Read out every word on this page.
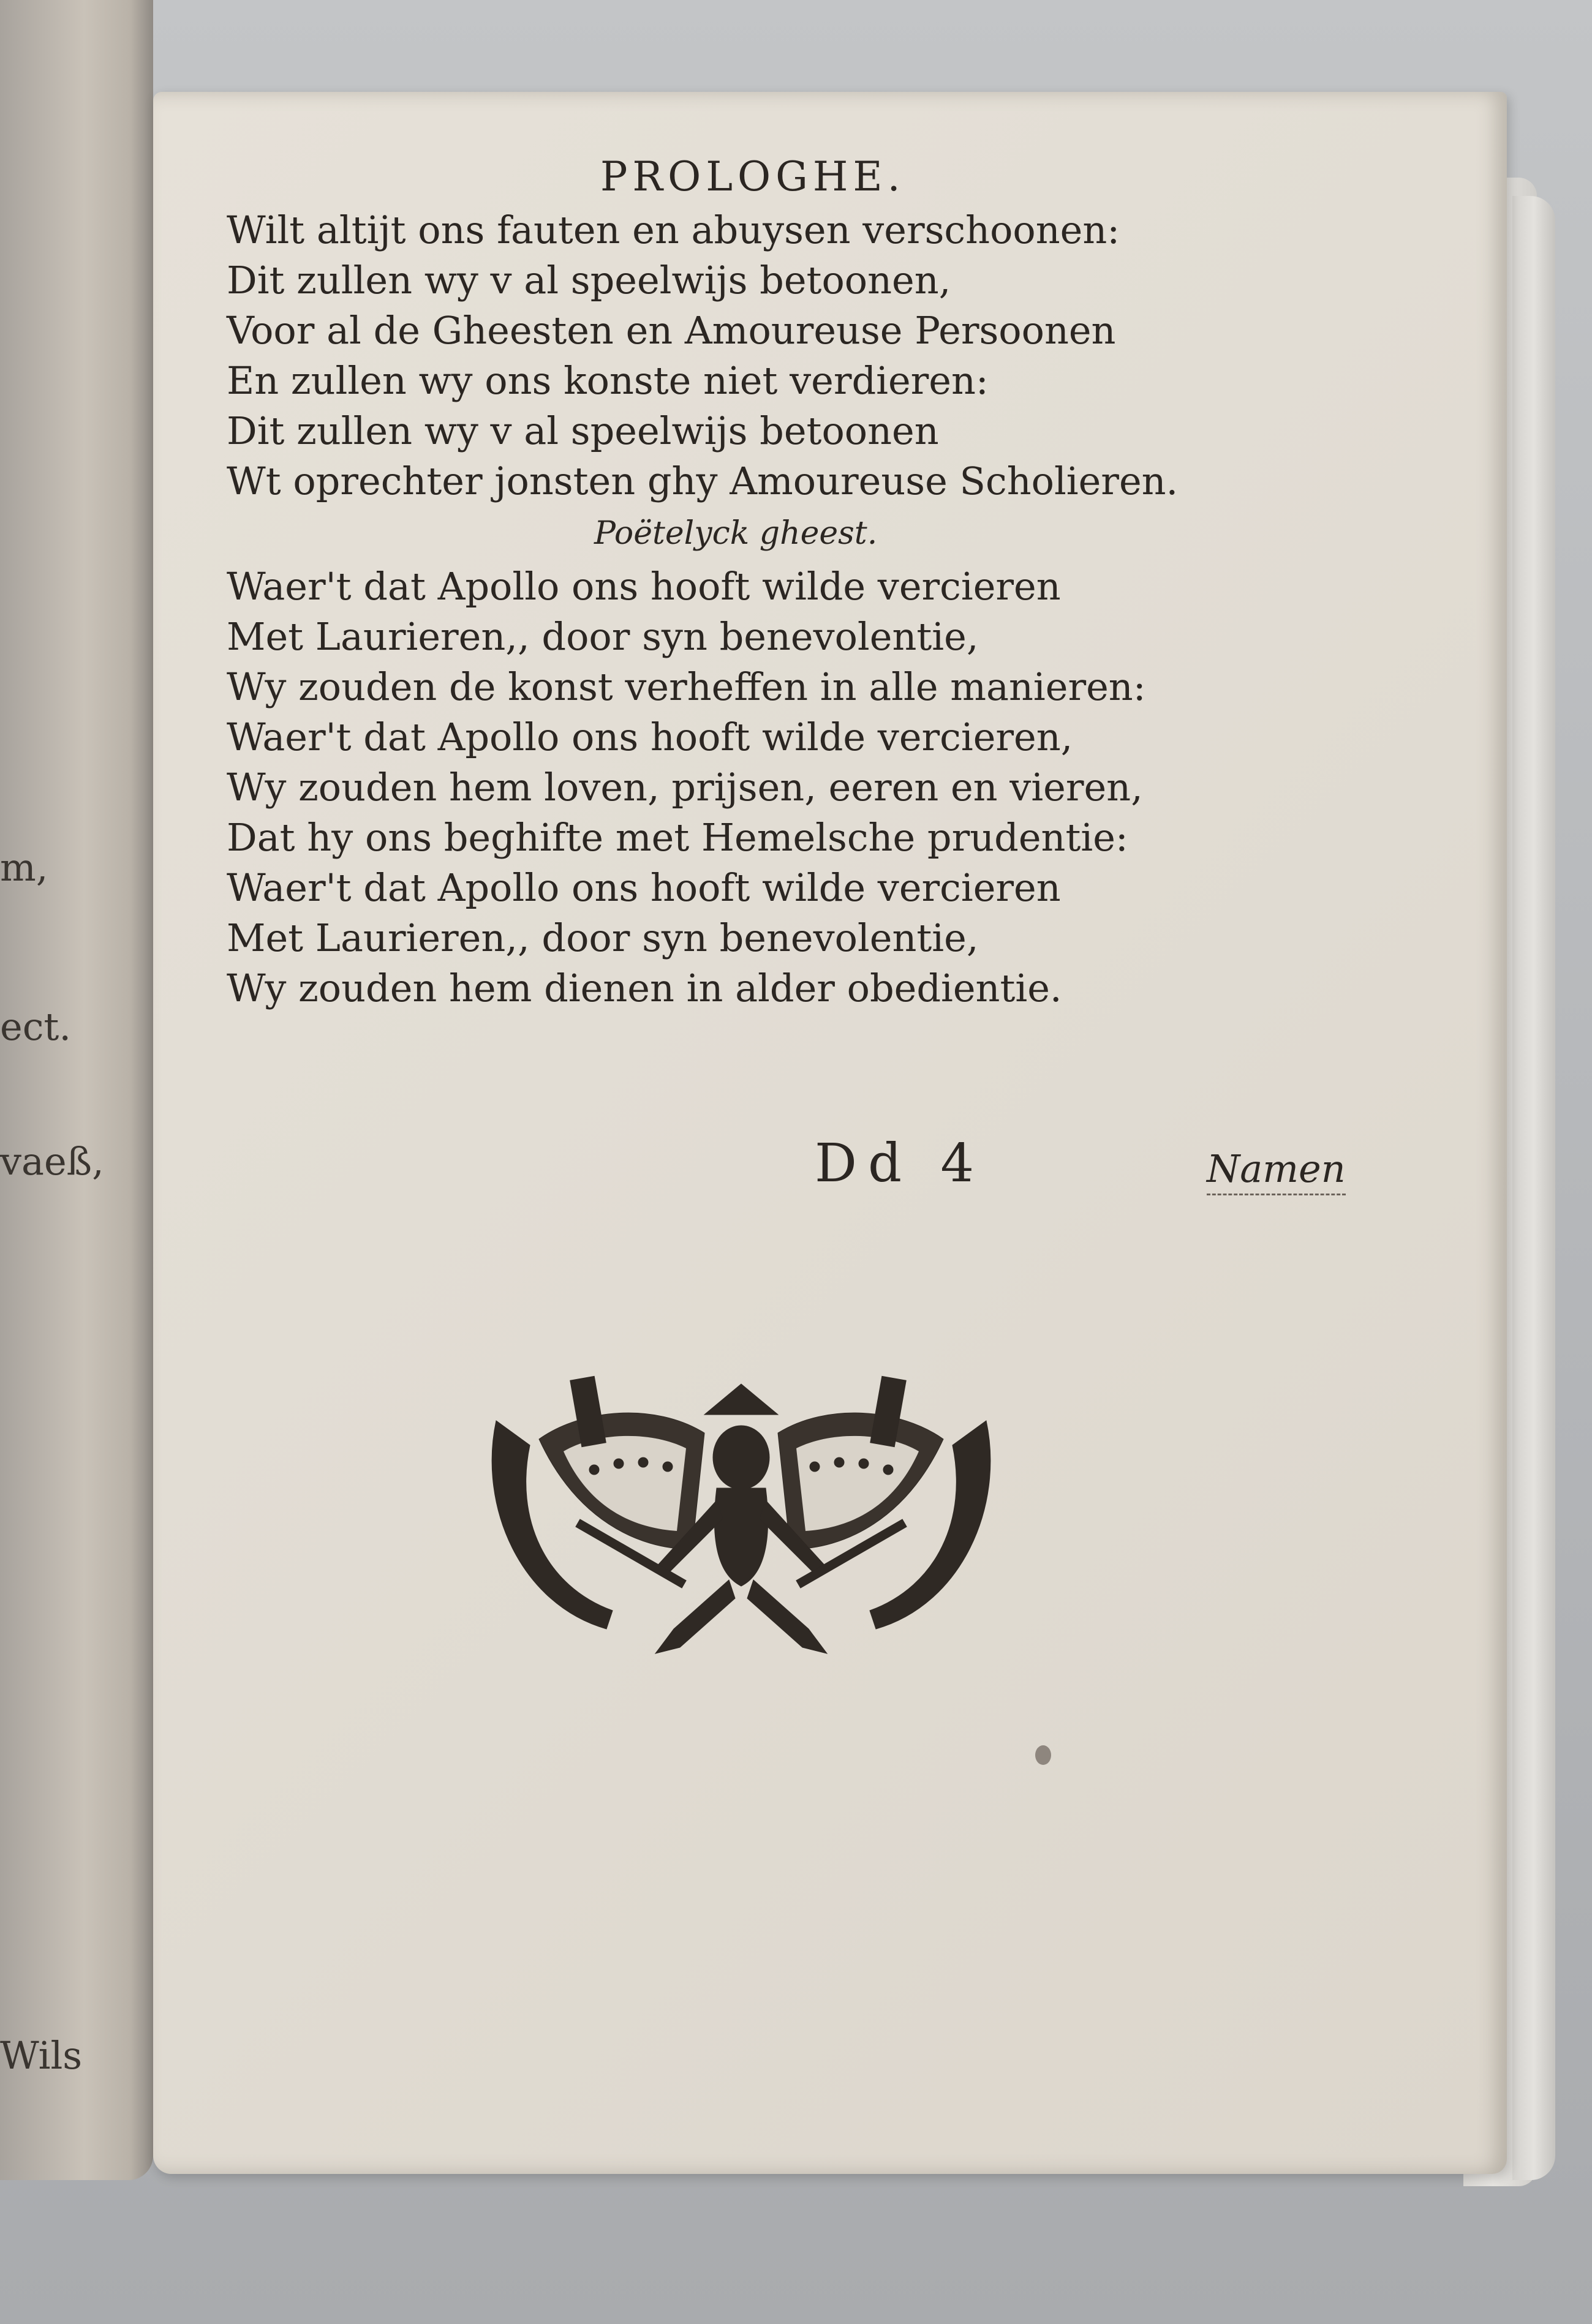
m,
ect.
vaeß,
Wils
PROLOGHE.
Wilt altijt ons fauten en abuysen verschoonen:
Dit zullen wy v al speelwijs betoonen,
Voor al de Gheesten en Amoureuse Persoonen
En zullen wy ons konste niet verdieren:
Dit zullen wy v al speelwijs betoonen
Wt oprechter jonsten ghy Amoureuse Scholieren.
Poëtelyck gheest.
Waer't dat Apollo ons hooft wilde vercieren
Met Laurieren,, door syn benevolentie,
Wy zouden de konst verheffen in alle manieren:
Waer't dat Apollo ons hooft wilde vercieren,
Wy zouden hem loven, prijsen, eeren en vieren,
Dat hy ons beghifte met Hemelsche prudentie:
Waer't dat Apollo ons hooft wilde vercieren
Met Laurieren,, door syn benevolentie,
Wy zouden hem dienen in alder obedientie.
Dd 4	Namen
